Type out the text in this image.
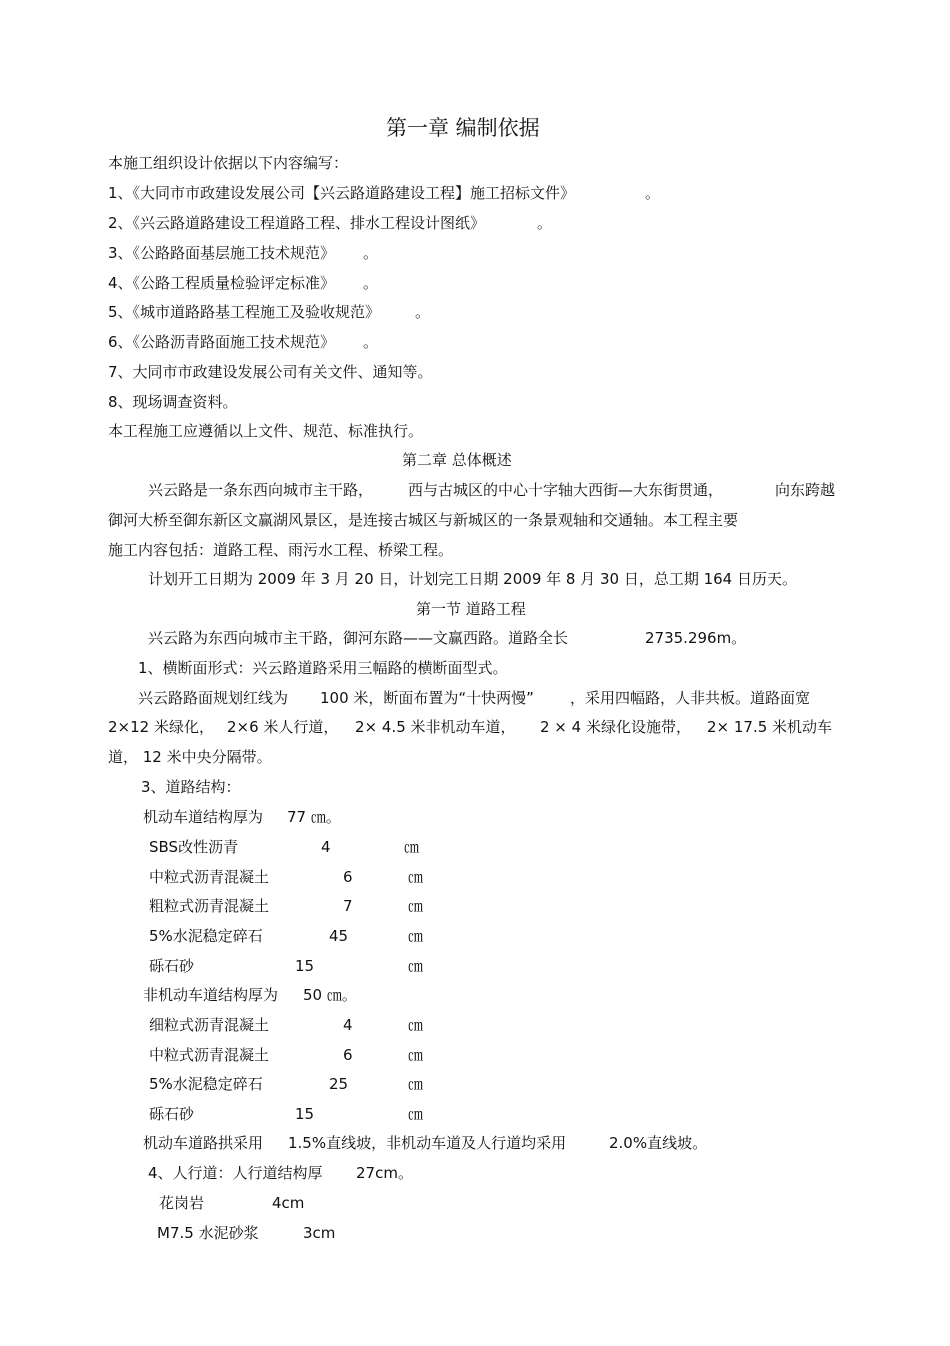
第一章 编制依据
本施工组织设计依据以下内容编写：
1、《大同市市政建设发展公司【兴云路道路建设工程】施工招标文件》	。
2、《兴云路道路建设工程道路工程、排水工程设计图纸》	。
3、《公路路面基层施工技术规范》 。
4、《公路工程质量检验评定标准》 。
5、《城市道路路基工程施工及验收规范》 。
6、《公路沥青路面施工技术规范》 。
7、大同市市政建设发展公司有关文件、通知等。
8、现场调查资料。
本工程施工应遵循以上文件、规范、标准执行。
第二章 总体概述
兴云路是一条东西向城市主干路， 西与古城区的中心十字轴大西街—大东街贯通，	向东跨越
御河大桥至御东新区文赢湖风景区，是连接古城区与新城区的一条景观轴和交通轴。本工程主要
施工内容包括：道路工程、雨污水工程、桥梁工程。
计划开工日期为 2009 年 3 月 20 日，计划完工日期 2009 年 8 月 30 日，总工期 164 日历天。
第一节 道路工程
兴云路为东西向城市主干路，御河东路——文赢西路。道路全长	2735.296m。
1、横断面形式：兴云路道路采用三幅路的横断面型式。
兴云路路面规划红线为 100 米，断面布置为“十快两慢” ，采用四幅路，人非共板。道路面宽
2×12 米绿化， 2×6 米人行道， 2× 4.5 米非机动车道， 2 × 4 米绿化设施带， 2× 17.5 米机动车
道， 12 米中央分隔带。
3、道路结构：
机动车道结构厚为 77 ㎝。
SBS改性沥青	4	㎝
中粒式沥青混凝土	6	㎝
粗粒式沥青混凝土	7	㎝
5%水泥稳定碎石	45	㎝
砾石砂	15	㎝
非机动车道结构厚为 50 ㎝。
细粒式沥青混凝土	4	㎝
中粒式沥青混凝土	6	㎝
5%水泥稳定碎石	25	㎝
砾石砂	15	㎝
机动车道路拱采用 1.5%直线坡，非机动车道及人行道均采用	2.0%直线坡。
4、人行道：人行道结构厚 27cm。
花岗岩	4cm
M7.5 水泥砂浆	3cm
